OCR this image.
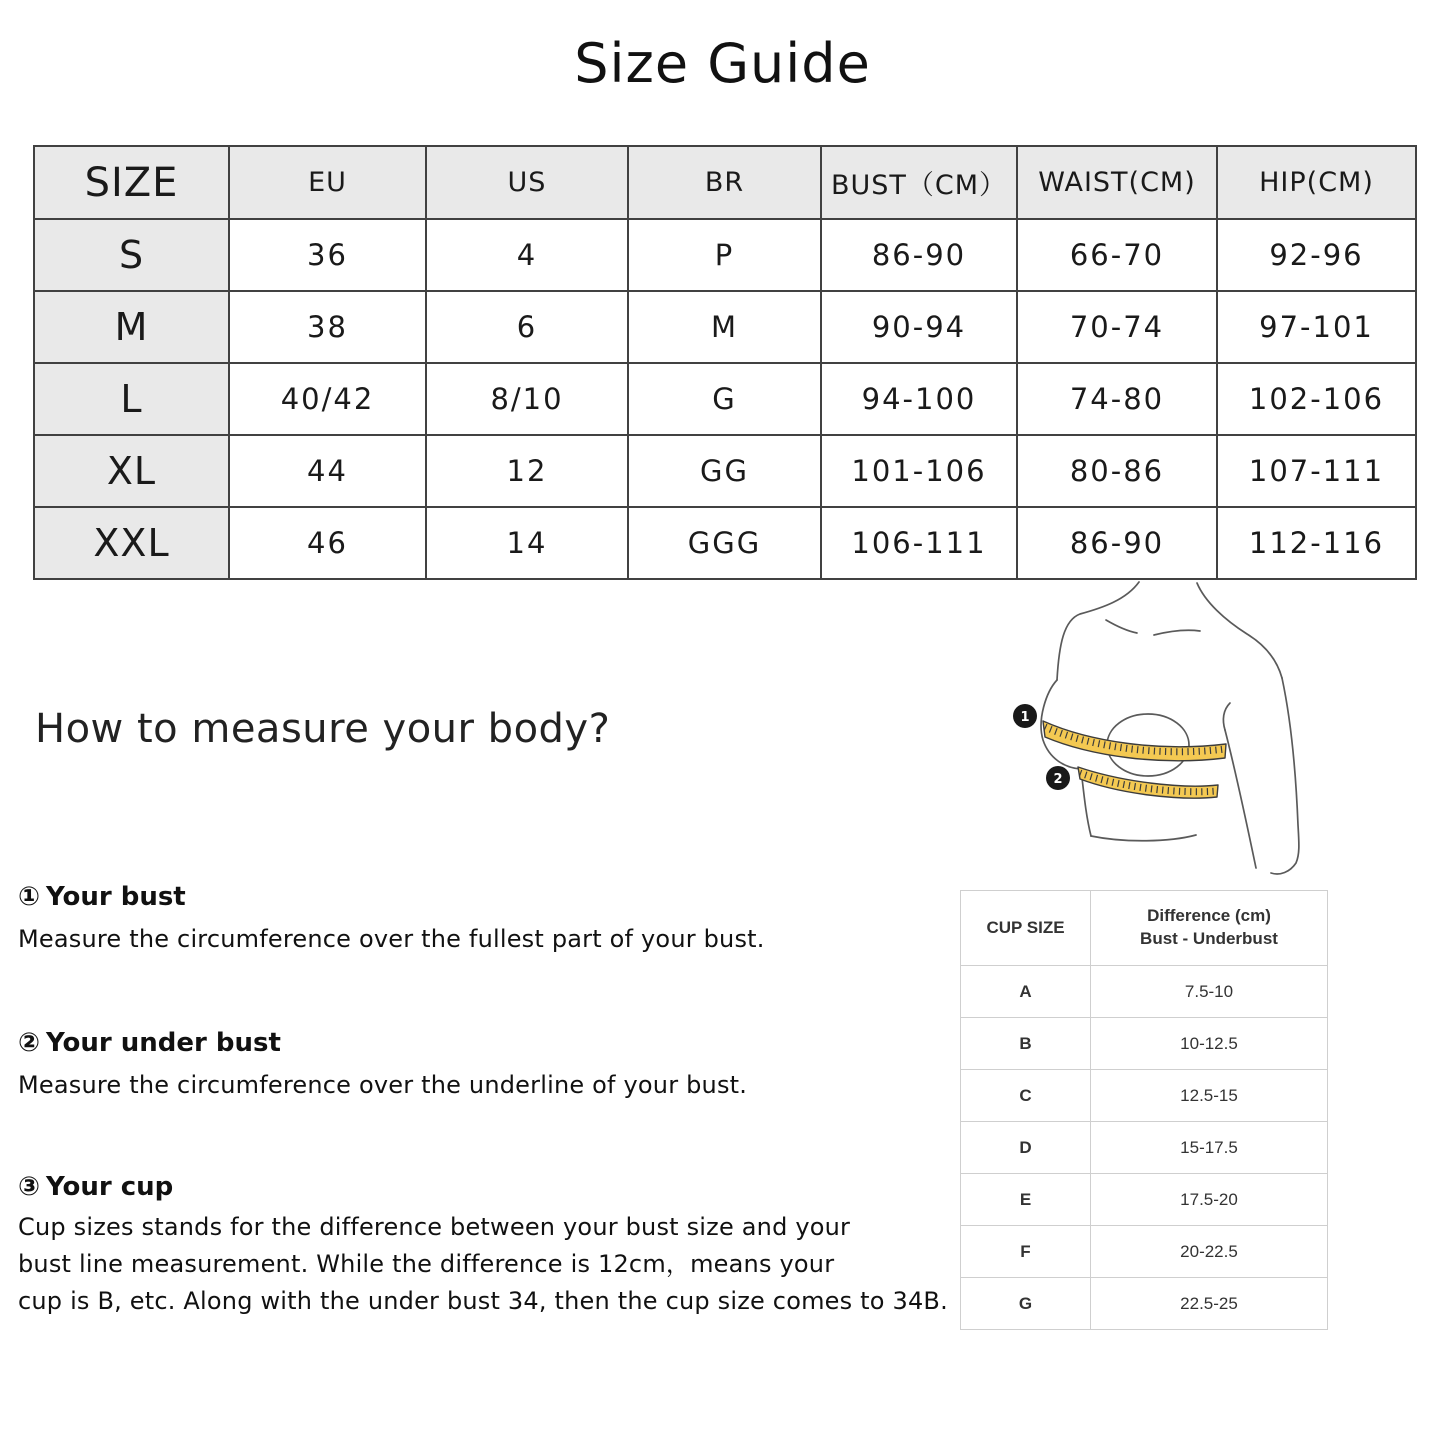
Size Guide
SIZE	EU	US	BR	BUST（CM）	WAIST(CM)	HIP(CM)
S	36	4	P	86-90	66-70	92-96
M	38	6	M	90-94	70-74	97-101
L	40/42	8/10	G	94-100	74-80	102-106
XL	44	12	GG	101-106	80-86	107-111
XXL	46	14	GGG	106-111	86-90	112-116
How to measure your body?	1
2
① Your bust
Measure the circumference over the fullest part of your bust.
② Your under bust
Measure the circumference over the underline of your bust.
③ Your cup
Cup sizes stands for the difference between your bust size and your
bust line measurement. While the difference is 12cm，means your
cup is B, etc. Along with the under bust 34, then the cup size comes to 34B.
CUP SIZE	Difference (cm)
Bust - Underbust

A	7.5-10
B	10-12.5
C	12.5-15
D	15-17.5
E	17.5-20
F	20-22.5
G	22.5-25
